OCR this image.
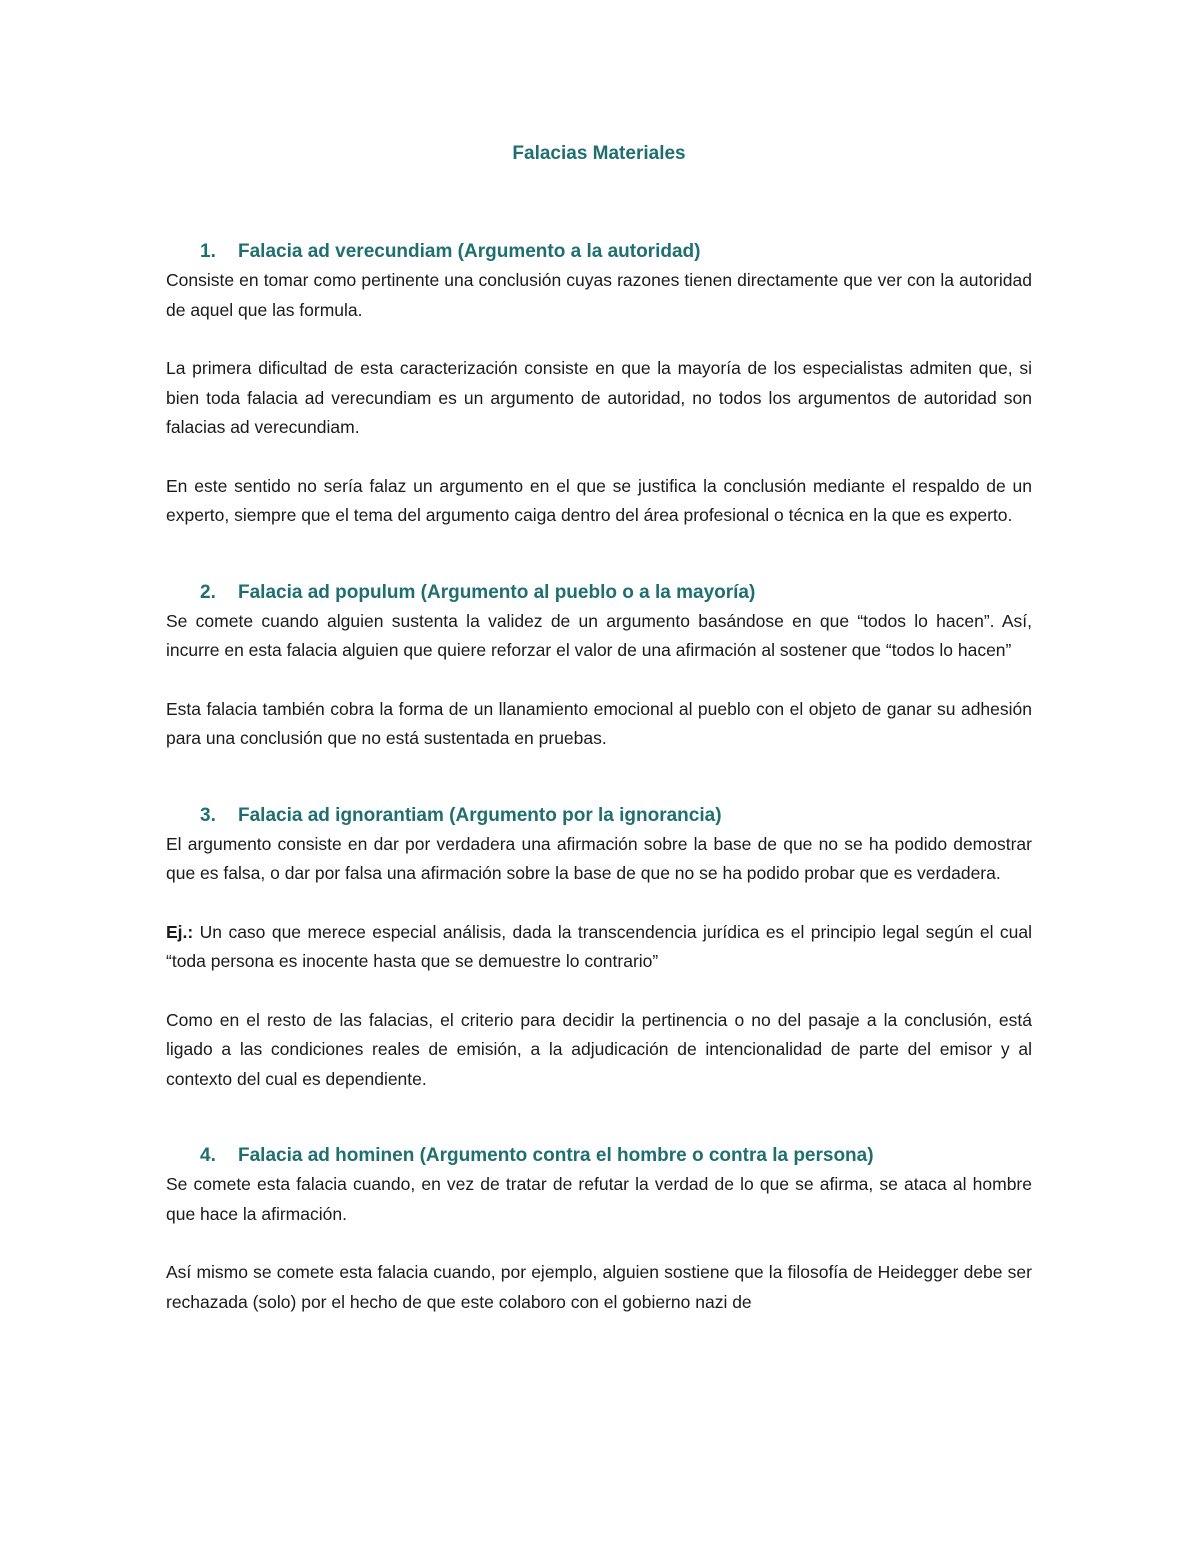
Falacias Materiales
1.	Falacia ad verecundiam (Argumento a la autoridad)

Consiste en tomar como pertinente una conclusión cuyas razones tienen directamente que ver con la autoridad de aquel que las formula.

La primera dificultad de esta caracterización consiste en que la mayoría de los especialistas admiten que, si bien toda falacia ad verecundiam es un argumento de autoridad, no todos los argumentos de autoridad son falacias ad verecundiam.

En este sentido no sería falaz un argumento en el que se justifica la conclusión mediante el respaldo de un experto, siempre que el tema del argumento caiga dentro del área profesional o técnica en la que es experto.

2.	Falacia ad populum (Argumento al pueblo o a la mayoría)

Se comete cuando alguien sustenta la validez de un argumento basándose en que “todos lo hacen”. Así, incurre en esta falacia alguien que quiere reforzar el valor de una afirmación al sostener que “todos lo hacen”

Esta falacia también cobra la forma de un llanamiento emocional al pueblo con el objeto de ganar su adhesión para una conclusión que no está sustentada en pruebas.

3.	Falacia ad ignorantiam (Argumento por la ignorancia)

El argumento consiste en dar por verdadera una afirmación sobre la base de que no se ha podido demostrar que es falsa, o dar por falsa una afirmación sobre la base de que no se ha podido probar que es verdadera.

Ej.: Un caso que merece especial análisis, dada la transcendencia jurídica es el principio legal según el cual “toda persona es inocente hasta que se demuestre lo contrario”

Como en el resto de las falacias, el criterio para decidir la pertinencia o no del pasaje a la conclusión, está ligado a las condiciones reales de emisión, a la adjudicación de intencionalidad de parte del emisor y al contexto del cual es dependiente.

4.	Falacia ad hominen (Argumento contra el hombre o contra la persona)

Se comete esta falacia cuando, en vez de tratar de refutar la verdad de lo que se afirma, se ataca al hombre que hace la afirmación.

Así mismo se comete esta falacia cuando, por ejemplo, alguien sostiene que la filosofía de Heidegger debe ser rechazada (solo) por el hecho de que este colaboro con el gobierno nazi de
